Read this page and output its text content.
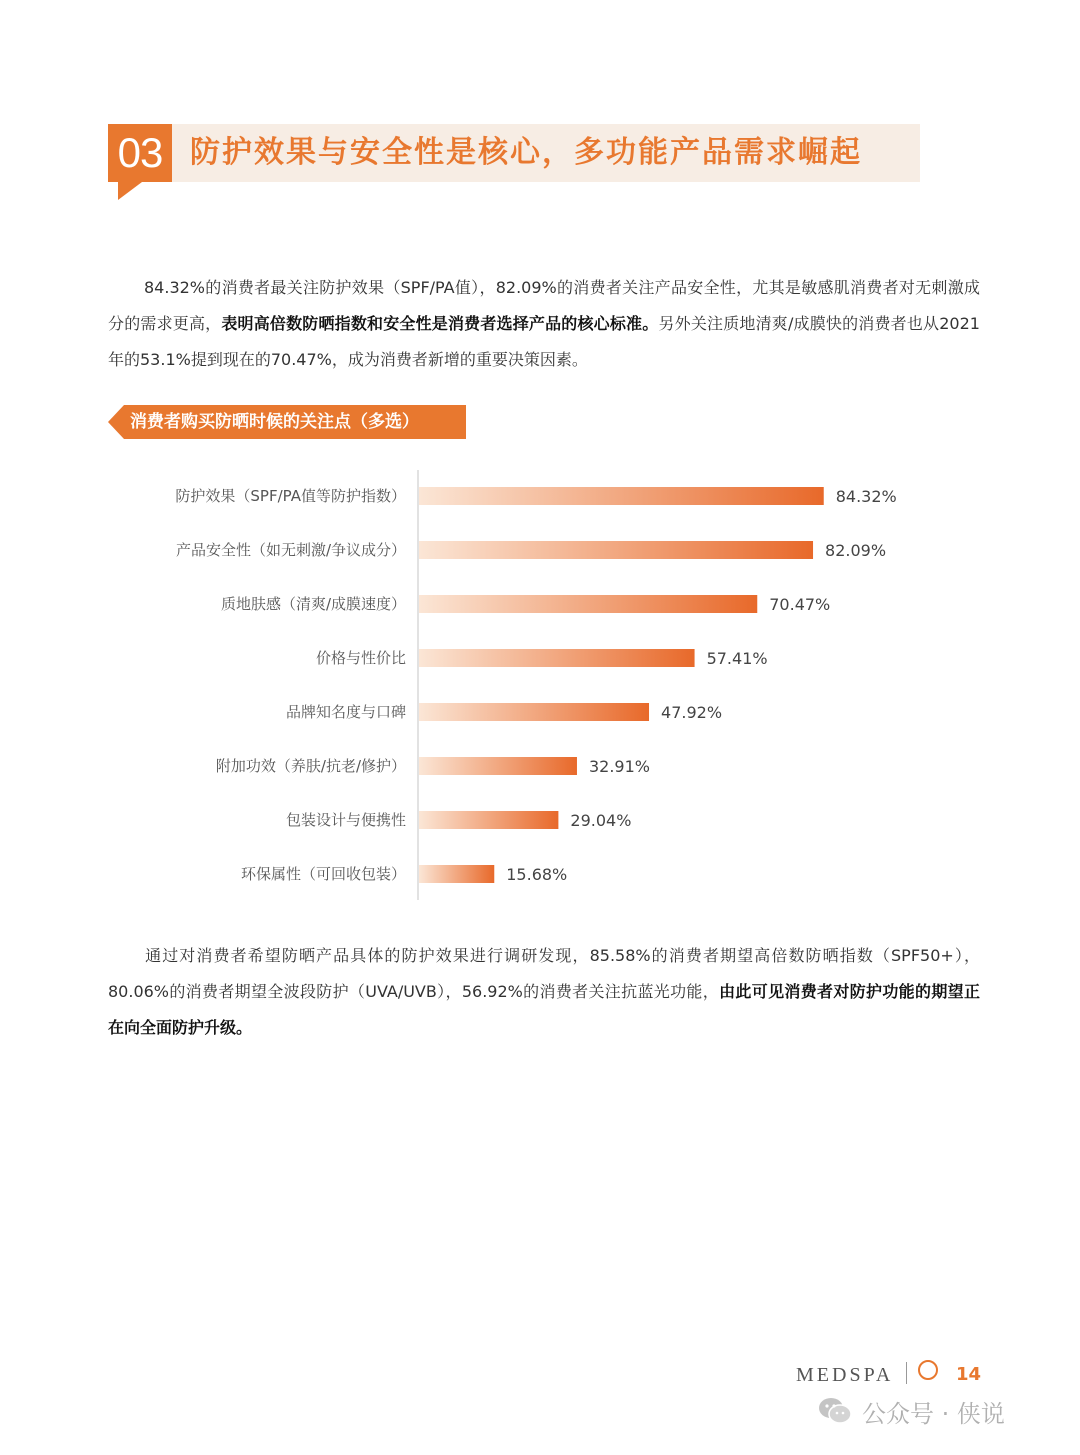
03 防护效果与安全性是核心，多功能产品需求崛起

84.32%的消费者最关注防护效果（SPF/PA值），82.09%的消费者关注产品安全性，尤其是敏感肌消费者对无刺激成分的需求更高，表明高倍数防晒指数和安全性是消费者选择产品的核心标准。另外关注质地清爽/成膜快的消费者也从2021年的53.1%提到现在的70.47%，成为消费者新增的重要决策因素。

消费者购买防晒时候的关注点（多选）
防护效果（SPF/PA值等防护指数）	84.32%
产品安全性（如无刺激/争议成分）	82.09%
质地肤感（清爽/成膜速度）	70.47%
价格与性价比	57.41%
品牌知名度与口碑	47.92%
附加功效（养肤/抗老/修护）	32.91%
包装设计与便携性	29.04%
环保属性（可回收包装）	15.68%

通过对消费者希望防晒产品具体的防护效果进行调研发现，85.58%的消费者期望高倍数防晒指数（SPF50+），80.06%的消费者期望全波段防护（UVA/UVB），56.92%的消费者关注抗蓝光功能，由此可见消费者对防护功能的期望正在向全面防护升级。

MEDSPA	14
公众号 · 侠说
